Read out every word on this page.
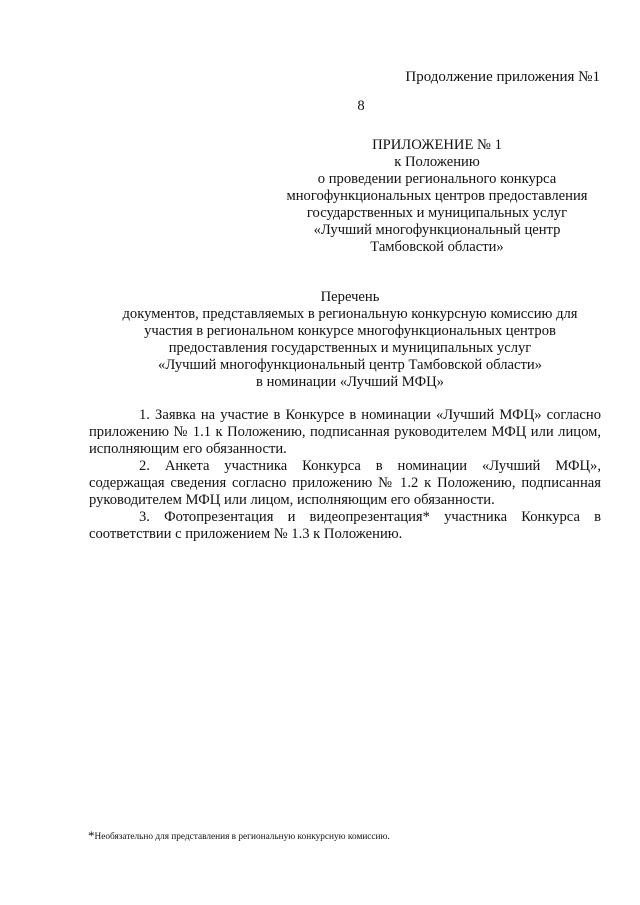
Продолжение приложения №1
8
ПРИЛОЖЕНИЕ № 1
к Положению
о проведении регионального конкурса
многофункциональных центров предоставления
государственных и муниципальных услуг
«Лучший многофункциональный центр
Тамбовской области»
Перечень
документов, представляемых в региональную конкурсную комиссию для
участия в региональном конкурсе многофункциональных центров
предоставления государственных и муниципальных услуг
«Лучший многофункциональный центр Тамбовской области»
в номинации «Лучший МФЦ»

1. Заявка на участие в Конкурсе в номинации «Лучший МФЦ» согласно приложению № 1.1 к Положению, подписанная руководителем МФЦ или лицом, исполняющим его обязанности.

2. Анкета участника Конкурса в номинации «Лучший МФЦ», содержащая сведения согласно приложению № 1.2 к Положению, подписанная руководителем МФЦ или лицом, исполняющим его обязанности.

3. Фотопрезентация и видеопрезентация* участника Конкурса в соответствии с приложением № 1.3 к Положению.

*Необязательно для представления в региональную конкурсную комиссию.
